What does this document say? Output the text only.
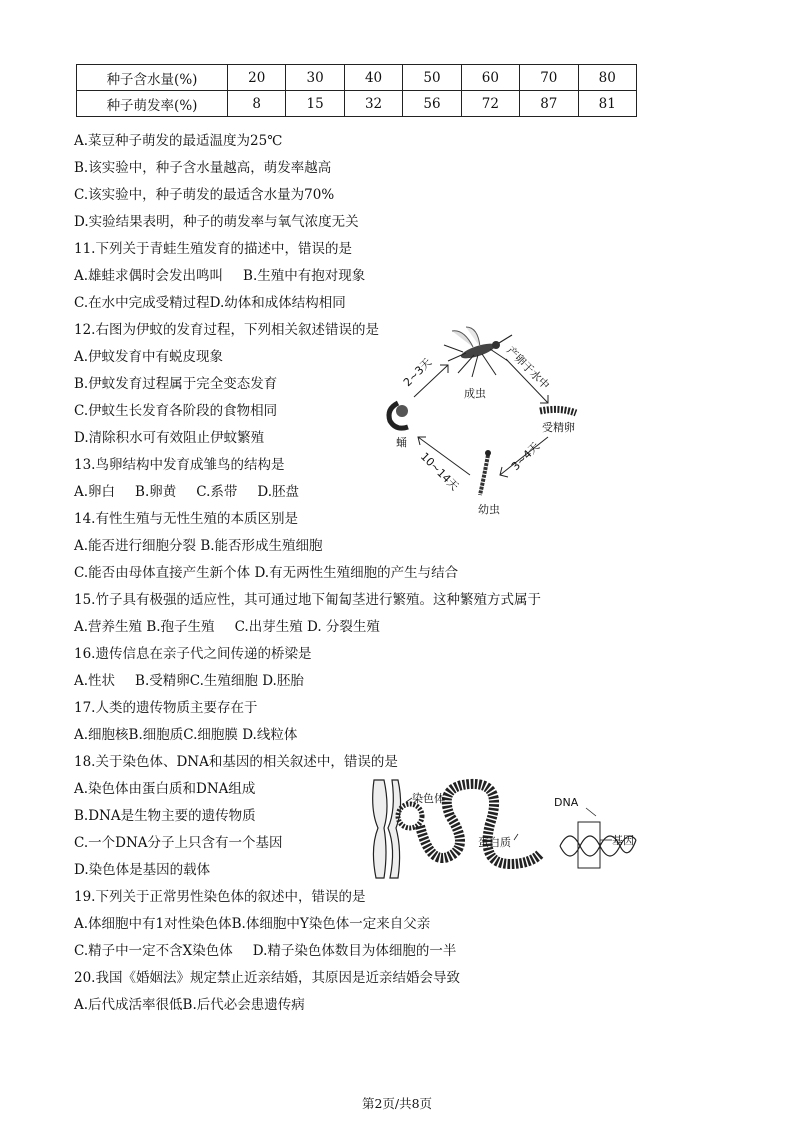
种子含水量(%)	20	30	40	50	60	70	80
种子萌发率(%)	8	15	32	56	72	87	81
A.菜豆种子萌发的最适温度为25℃
B.该实验中，种子含水量越高，萌发率越高
C.该实验中，种子萌发的最适含水量为70%
D.实验结果表明，种子的萌发率与氧气浓度无关
11.下列关于青蛙生殖发育的描述中，错误的是
A.雄蛙求偶时会发出鸣叫 B.生殖中有抱对现象
C.在水中完成受精过程D.幼体和成体结构相同
12.右图为伊蚊的发育过程，下列相关叙述错误的是
A.伊蚊发育中有蜕皮现象
B.伊蚊发育过程属于完全变态发育
C.伊蚊生长发育各阶段的食物相同
D.清除积水可有效阻止伊蚊繁殖
成虫
受精卵
幼虫
蛹
2~3天	产卵于水中
3~4天
10~14天
13.鸟卵结构中发育成雏鸟的结构是
A.卵白 B.卵黄 C.系带 D.胚盘
14.有性生殖与无性生殖的本质区别是
A.能否进行细胞分裂 B.能否形成生殖细胞
C.能否由母体直接产生新个体 D.有无两性生殖细胞的产生与结合
15.竹子具有极强的适应性，其可通过地下匍匐茎进行繁殖。这种繁殖方式属于
A.营养生殖 B.孢子生殖 C.出芽生殖 D. 分裂生殖
16.遗传信息在亲子代之间传递的桥梁是
A.性状 B.受精卵C.生殖细胞 D.胚胎
17.人类的遗传物质主要存在于
A.细胞核B.细胞质C.细胞膜 D.线粒体
18.关于染色体、DNA和基因的相关叙述中，错误的是
A.染色体由蛋白质和DNA组成
B.DNA是生物主要的遗传物质
C.一个DNA分子上只含有一个基因
D.染色体是基因的载体
染色体	DNA
基因
蛋白质
19.下列关于正常男性染色体的叙述中，错误的是
A.体细胞中有1对性染色体B.体细胞中Y染色体一定来自父亲
C.精子中一定不含X染色体 D.精子染色体数目为体细胞的一半
20.我国《婚姻法》规定禁止近亲结婚，其原因是近亲结婚会导致
A.后代成活率很低B.后代必会患遗传病
第2页/共8页
